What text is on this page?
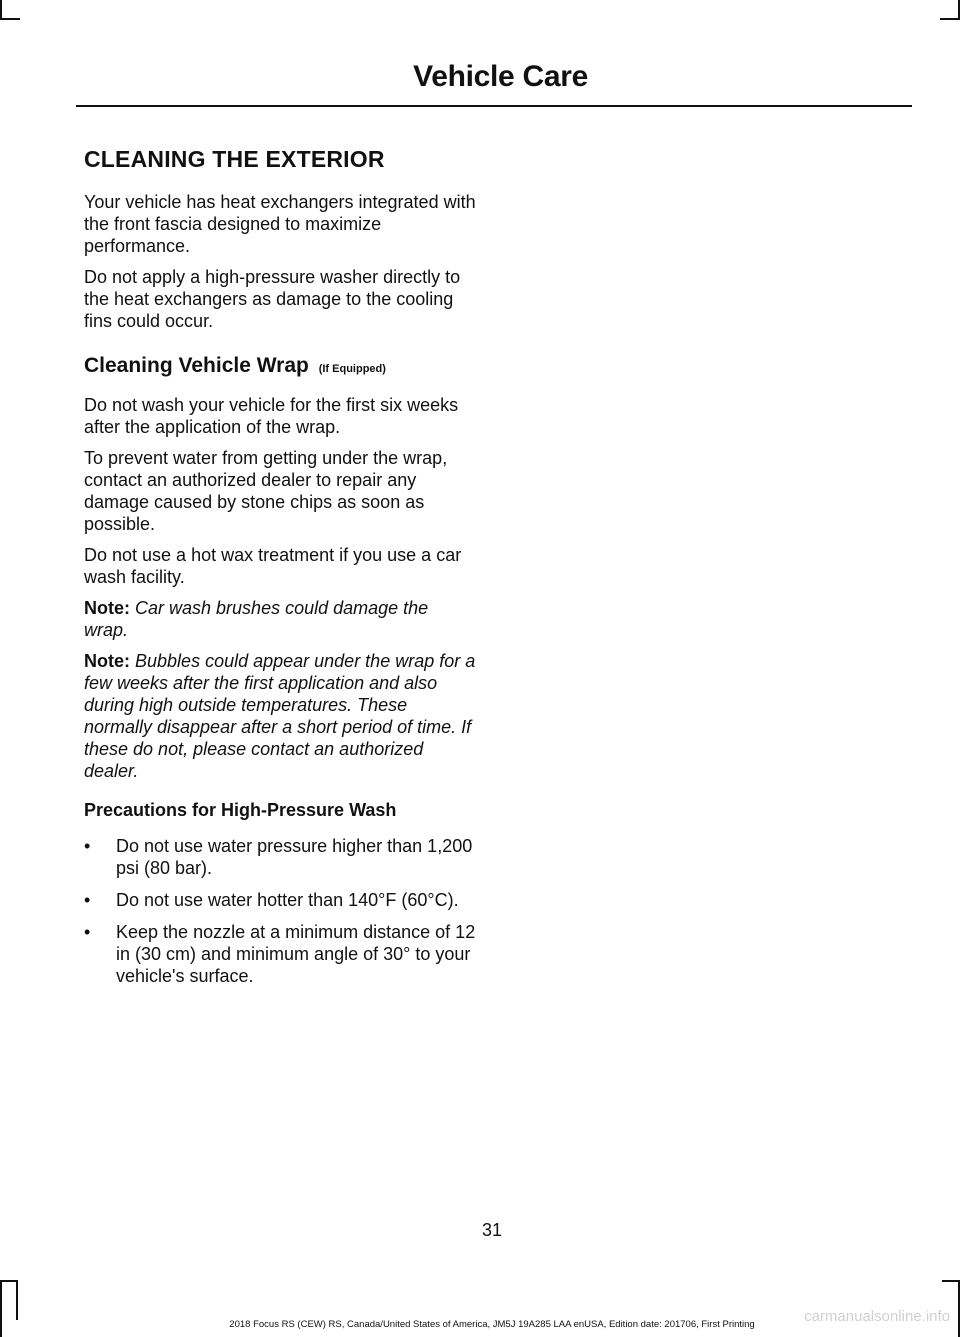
Vehicle Care
CLEANING THE EXTERIOR

Your vehicle has heat exchangers integrated with the front fascia designed to maximize performance.

Do not apply a high-pressure washer directly to the heat exchangers as damage to the cooling fins could occur.

Cleaning Vehicle Wrap (If Equipped)

Do not wash your vehicle for the first six weeks after the application of the wrap.

To prevent water from getting under the wrap, contact an authorized dealer to repair any damage caused by stone chips as soon as possible.

Do not use a hot wax treatment if you use a car wash facility.

Note: Car wash brushes could damage the wrap.

Note: Bubbles could appear under the wrap for a few weeks after the first application and also during high outside temperatures. These normally disappear after a short period of time. If these do not, please contact an authorized dealer.

Precautions for High-Pressure Wash
• Do not use water pressure higher than 1,200 psi (80 bar).
• Do not use water hotter than 140°F (60°C).
• Keep the nozzle at a minimum distance of 12 in (30 cm) and minimum angle of 30° to your vehicle's surface.

31

2018 Focus RS (CEW) RS, Canada/United States of America, JM5J 19A285 LAA enUSA, Edition date: 201706, First Printing	carmanualsonline.info
